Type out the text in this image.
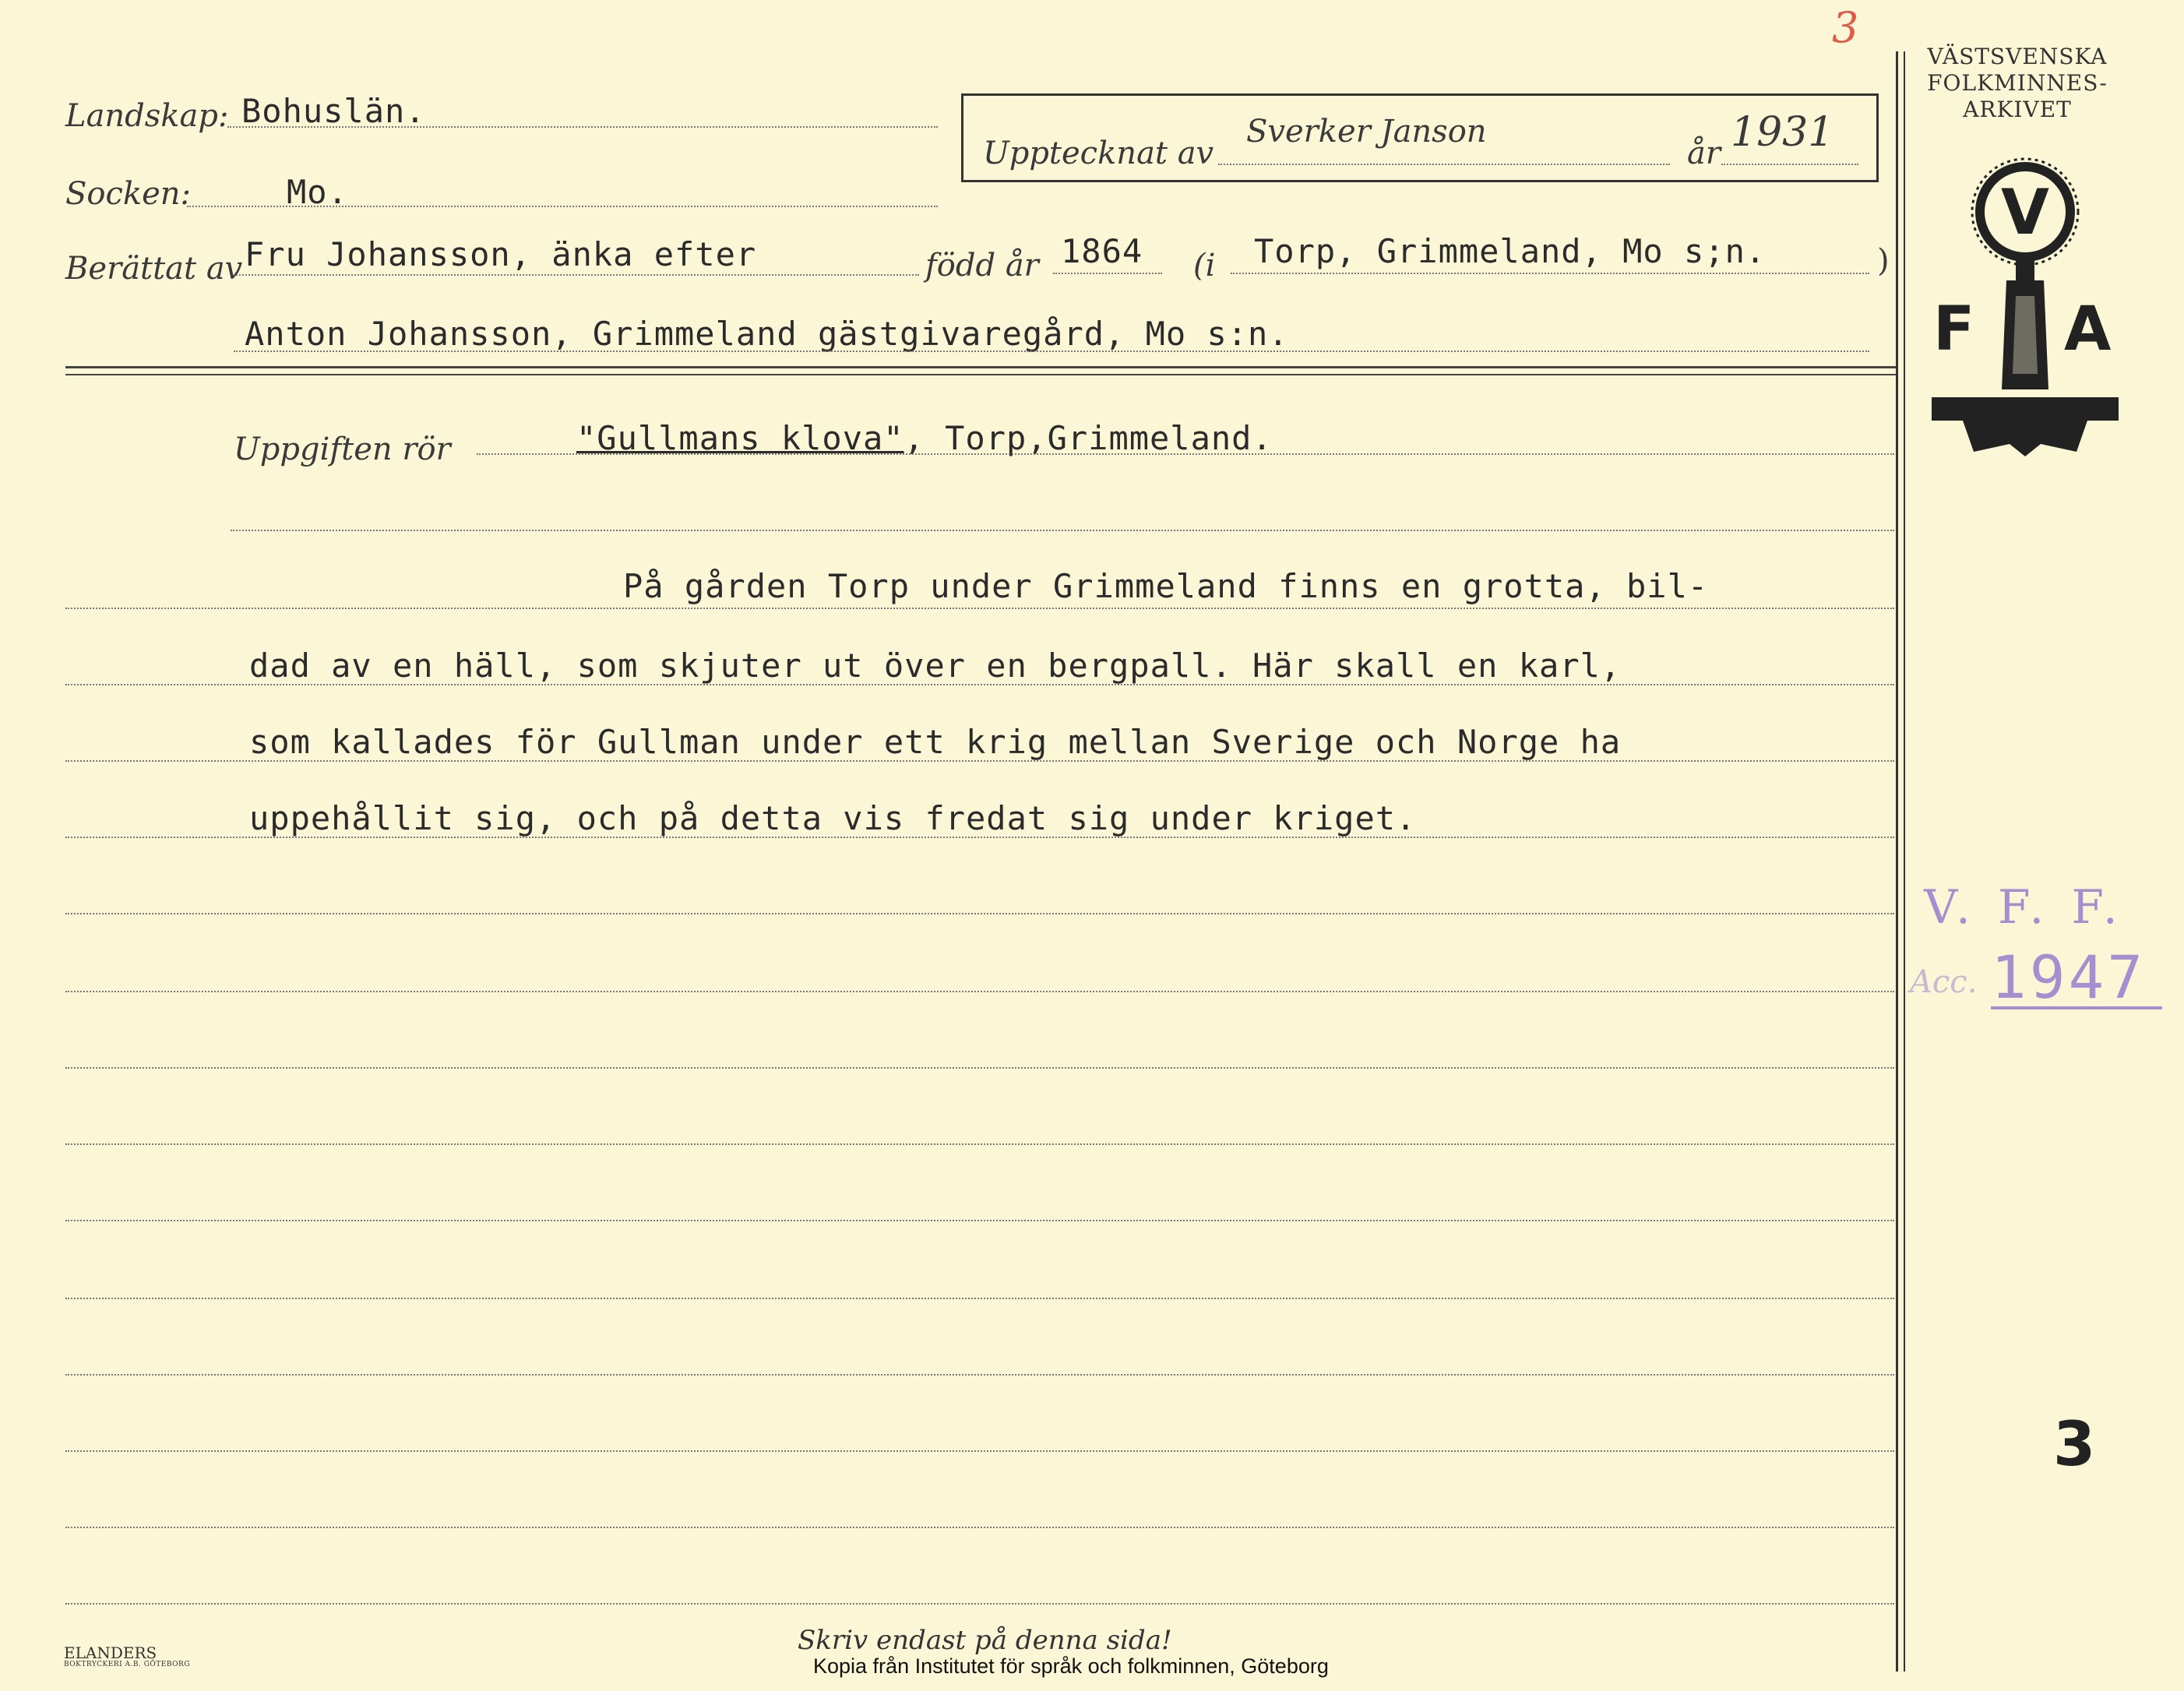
3
Landskap: Bohuslän.
Socken:	Mo.
Upptecknat av
Sverker Janson
år 1931
Berättat av Fru Johansson, änka efter	född år 1864 (i Torp, Grimmeland, Mo s;n.	)
Anton Johansson, Grimmeland gästgivaregård, Mo s:n.
Uppgiften rör	"Gullmans klova", Torp,Grimmeland.
På gården Torp under Grimmeland finns en grotta, bil-
dad av en häll, som skjuter ut över en bergpall. Här skall en karl,
som kallades för Gullman under ett krig mellan Sverige och Norge ha
uppehållit sig, och på detta vis fredat sig under kriget.
VÄSTSVENSKA
FOLKMINNES-
ARKIVET
V
F A
V. F. F.
Acc. 1947
3
Skriv endast på denna sida!
Kopia från Institutet för språk och folkminnen, Göteborg
ELANDERS
BOKTRYCKERI A.B. GÖTEBORG
